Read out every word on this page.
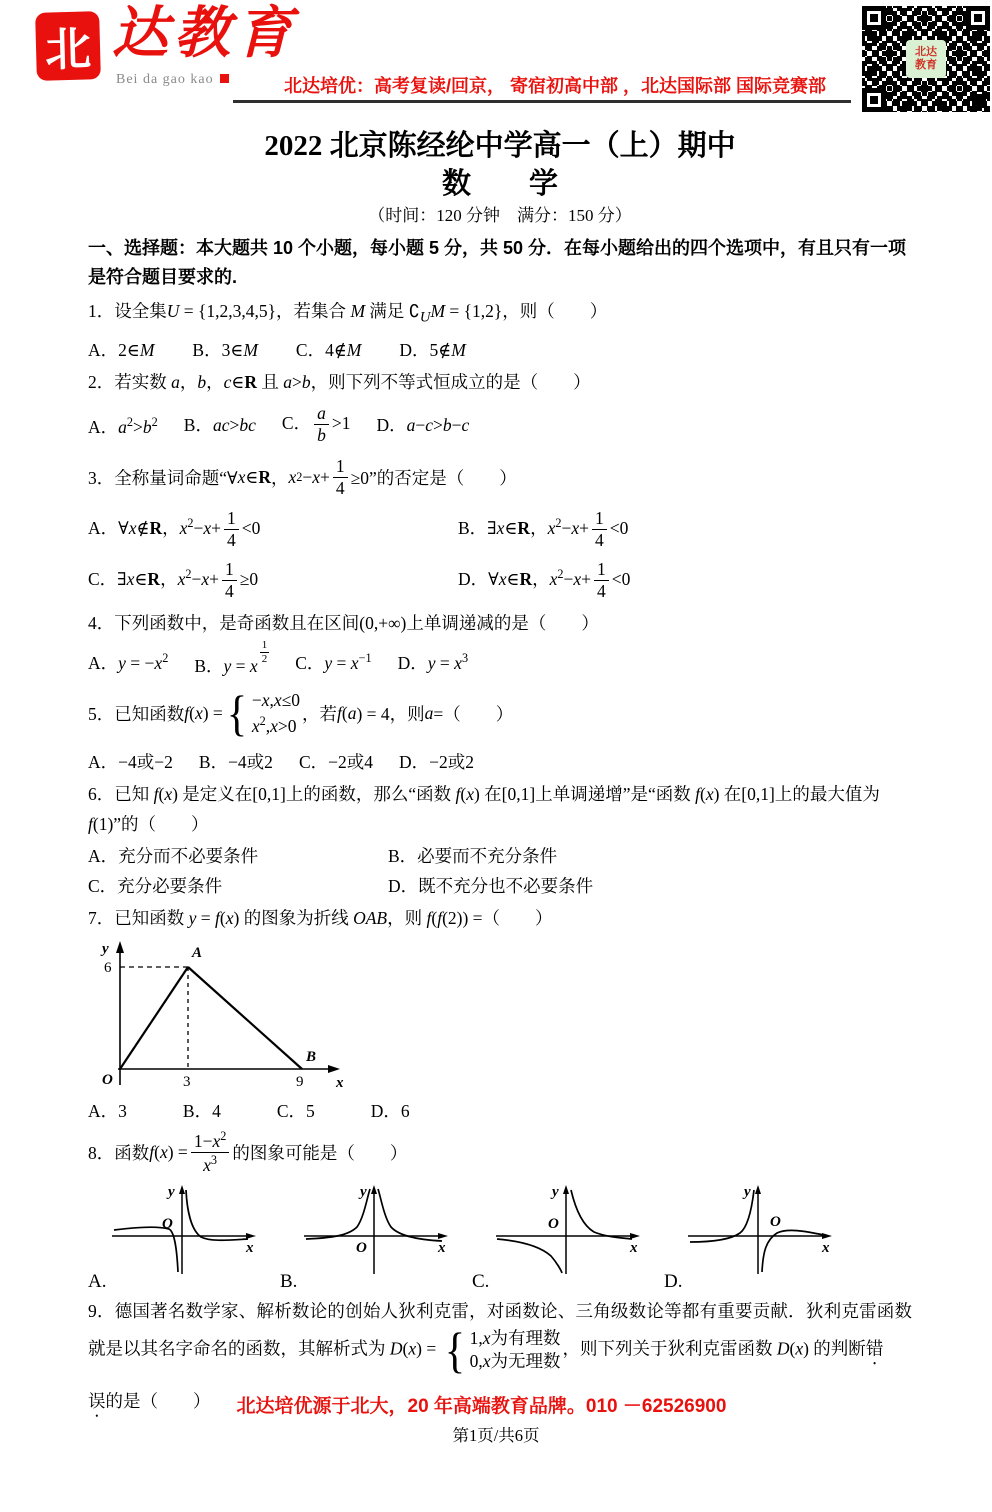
北 达教育
Bei da gao kao	北达培优：高考复读/回京， 寄宿初高中部 ，北达国际部 国际竞赛部
北达
教育
2022 北京陈经纶中学高一（上）期中
数　　学
（时间：120 分钟　满分：150 分）
一、选择题：本大题共 10 个小题，每小题 5 分，共 50 分．在每小题给出的四个选项中，有且只有一项是符合题目要求的.
1．设全集U = {1,2,3,4,5}，若集合 M 满足 $∁_UM = \{1,2\}$，则（　　）
A．2∈M B．3∈M C．4∉M D．5∉M
2．若实数 a，b，c∈R 且 a>b，则下列不等式恒成立的是（　　）
A．$a^2>b^2$ B．ac>bc C． $\frac{a}{b} >1$ D．a−c>b−c
3．全称量词命题“∀ x ∈ R ， x $2 - x + \frac{1}{4} \ge 0$”的否定是（　　）
A．∀x∉R，$x^2-x+ \frac{1}{4} <0$	B．∃x∈R，$x^2-x+ \frac{1}{4} <0$
C．∃x∈R，$x^2-x+ \frac{1}{4} \ge 0$	D．∀x∈R，$x^2-x+ \frac{1}{4} <0$
4．下列函数中，是奇函数且在区间(0,+∞)上单调递减的是（　　）
A．$y = -x^2$ B．y = x
$\frac{1}{2}$ C．$y = x^{-1}$ D．$y = x^3$
5．已知函数 f ( x ) = { −x,x≤0
$x^2,x>0$
，若 f ( a ) = 4，则 a =（　　）
A．−4或−2 B．−4或2 C．−2或4 D．−2或2
6．已知 f(x) 是定义在[0,1]上的函数，那么“函数 f(x) 在[0,1]上单调递增”是“函数 f(x) 在[0,1]上的最大值为 f(1)”的（　　）
A．充分而不必要条件	B．必要而不充分条件
C．充分必要条件	D．既不充分也不必要条件
7．已知函数 y = f(x) 的图象为折线 OAB，则 f(f(2)) =（　　）
y
x
O
A
B
6
3	9
A．3	B．4	C．5	D．6
8．函数 f ( x ) = $\frac{1-x^2}{x^3}$ 的图象可能是（　　）
O
y
x
A.
O
y
x
B.
O
y
x
C.
O
y
x
D.
9．德国著名数学家、解析数论的创始人狄利克雷，对函数论、三角级数论等都有重要贡献．狄利克雷函数就是以其名字命名的函数，其解析式为 D(x) = { 1,x为有理数
0,x为无理数
，则下列关于狄利克雷函数 D(x) 的判断错
误的是（　　） 北达培优源于北大，20 年高端教育品牌。010 －62526900
第1页/共6页
